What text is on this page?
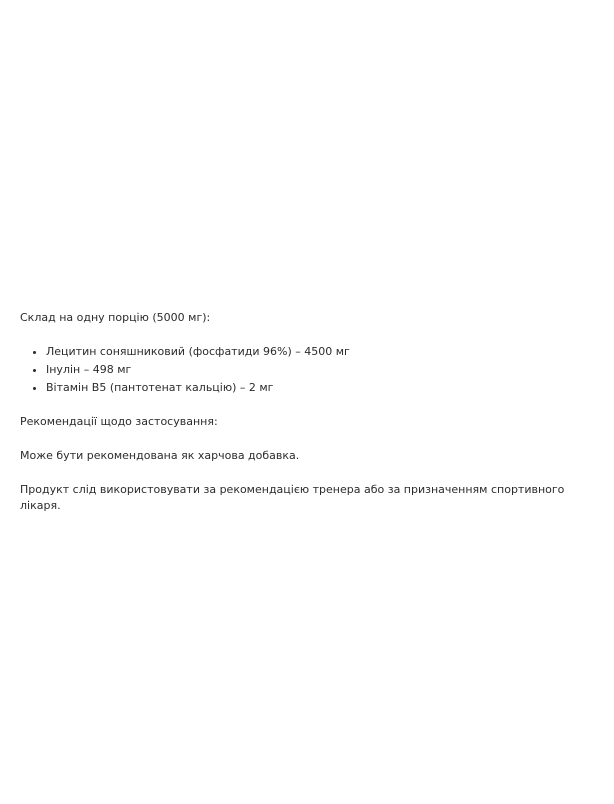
Склад на одну порцію (5000 мг):

• Лецитин соняшниковий (фосфатиди 96%) – 4500 мг
• Інулін – 498 мг
• Вітамін В5 (пантотенат кальцію) – 2 мг

Рекомендації щодо застосування:

Може бути рекомендована як харчова добавка.

Продукт слід використовувати за рекомендацією тренера або за призначенням спортивного лікаря.
